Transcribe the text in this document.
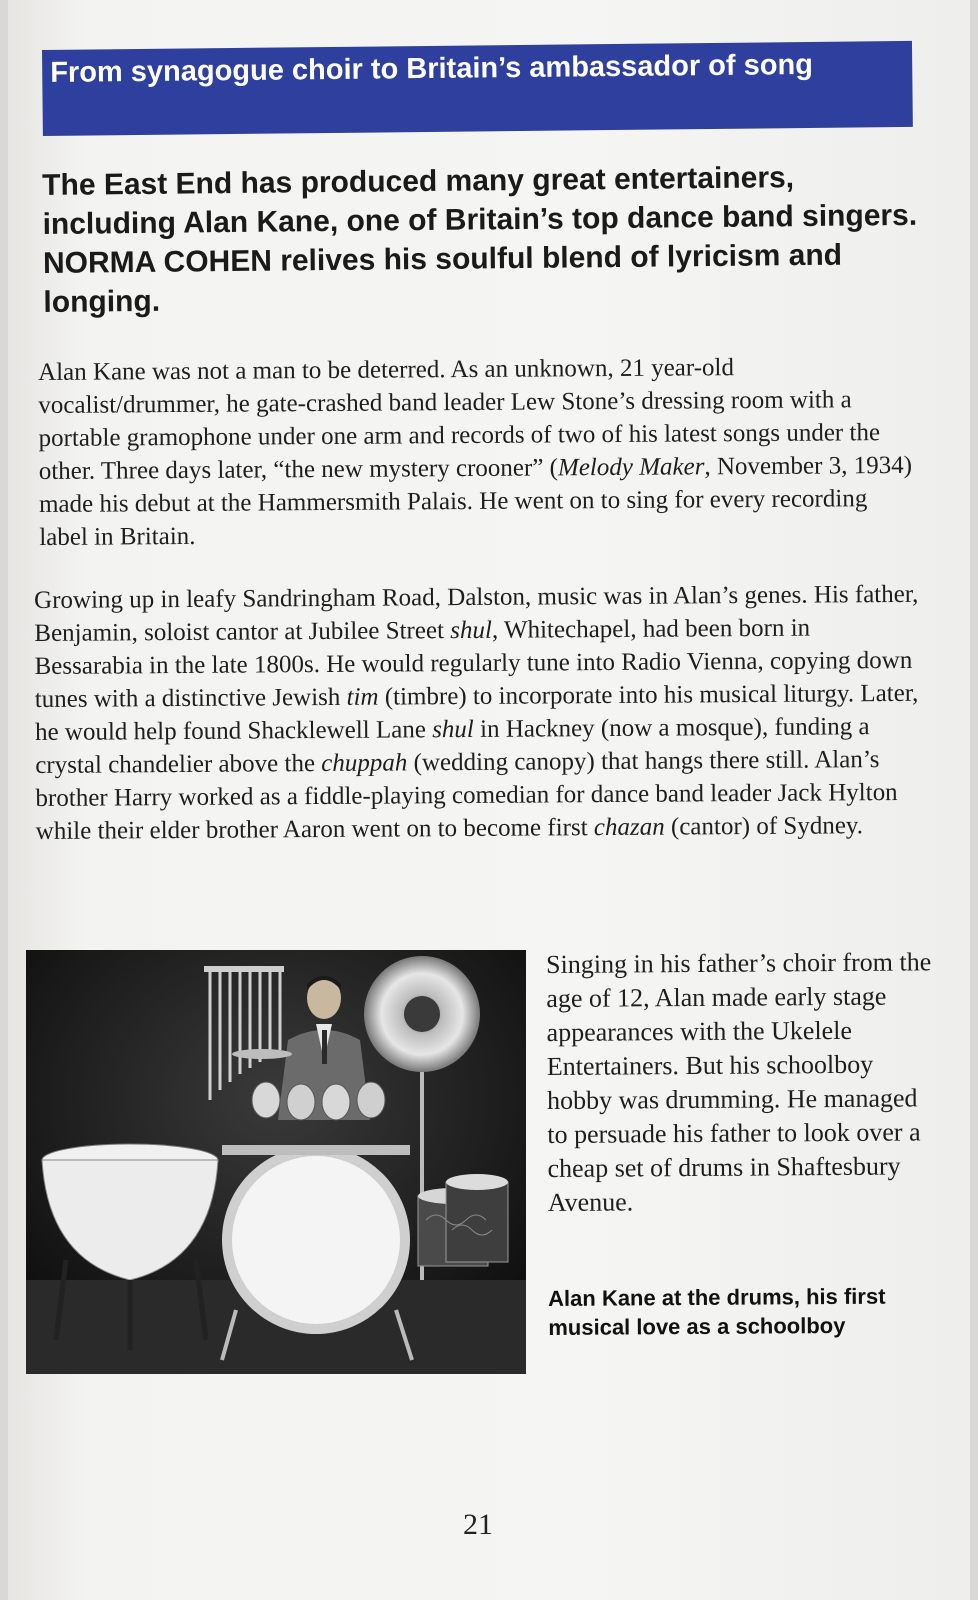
From synagogue choir to Britain’s ambassador of song

The East End has produced many great entertainers, including Alan Kane, one of Britain’s top dance band singers. NORMA COHEN relives his soulful blend of lyricism and longing.

Alan Kane was not a man to be deterred. As an unknown, 21 year-old vocalist/drummer, he gate-crashed band leader Lew Stone’s dressing room with a portable gramophone under one arm and records of two of his latest songs under the other. Three days later, “the new mystery crooner” (Melody Maker, November 3, 1934) made his debut at the Hammersmith Palais. He went on to sing for every recording label in Britain.

Growing up in leafy Sandringham Road, Dalston, music was in Alan’s genes. His father, Benjamin, soloist cantor at Jubilee Street shul, Whitechapel, had been born in Bessarabia in the late 1800s. He would regularly tune into Radio Vienna, copying down tunes with a distinctive Jewish tim (timbre) to incorporate into his musical liturgy. Later, he would help found Shacklewell Lane shul in Hackney (now a mosque), funding a crystal chandelier above the chuppah (wedding canopy) that hangs there still. Alan’s brother Harry worked as a fiddle-playing comedian for dance band leader Jack Hylton while their elder brother Aaron went on to become first chazan (cantor) of Sydney.

Singing in his father’s choir from the age of 12, Alan made early stage appearances with the Ukelele Entertainers. But his schoolboy hobby was drumming. He managed to persuade his father to look over a cheap set of drums in Shaftesbury Avenue.

Alan Kane at the drums, his first musical love as a schoolboy

21
